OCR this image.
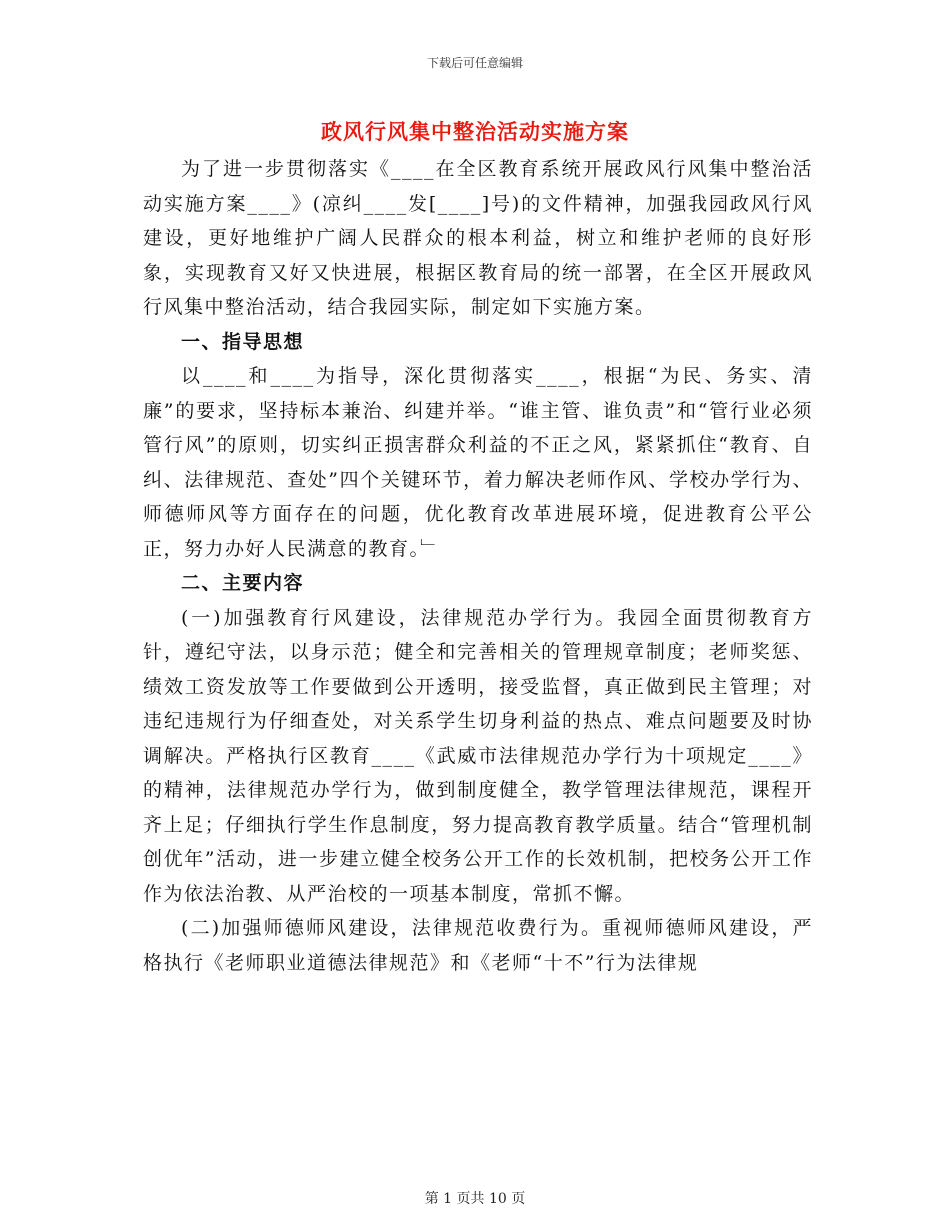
下载后可任意编辑
政风行风集中整治活动实施方案

为了进一步贯彻落实《____在全区教育系统开展政风行风集中整治活动实施方案____》(凉纠____发[____]号)的文件精神，加强我园政风行风建设，更好地维护广阔人民群众的根本利益，树立和维护老师的良好形象，实现教育又好又快进展，根据区教育局的统一部署，在全区开展政风行风集中整治活动，结合我园实际，制定如下实施方案。

一、指导思想

以____和____为指导，深化贯彻落实____，根据“为民、务实、清廉”的要求，坚持标本兼治、纠建并举。“谁主管、谁负责”和“管行业必须管行风”的原则，切实纠正损害群众利益的不正之风，紧紧抓住“教育、自纠、法律规范、查处”四个关键环节，着力解决老师作风、学校办学行为、师德师风等方面存在的问题，优化教育改革进展环境，促进教育公平公正，努力办好人民满意的教育。﹂

二、主要内容

(一)加强教育行风建设，法律规范办学行为。我园全面贯彻教育方针，遵纪守法，以身示范；健全和完善相关的管理规章制度；老师奖惩、绩效工资发放等工作要做到公开透明，接受监督，真正做到民主管理；对违纪违规行为仔细查处，对关系学生切身利益的热点、难点问题要及时协调解决。严格执行区教育____《武威市法律规范办学行为十项规定____》的精神，法律规范办学行为，做到制度健全，教学管理法律规范，课程开齐上足；仔细执行学生作息制度，努力提高教育教学质量。结合“管理机制创优年”活动，进一步建立健全校务公开工作的长效机制，把校务公开工作作为依法治教、从严治校的一项基本制度，常抓不懈。

(二)加强师德师风建设，法律规范收费行为。重视师德师风建设，严格执行《老师职业道德法律规范》和《老师“十不”行为法律规

第 1 页共 10 页
